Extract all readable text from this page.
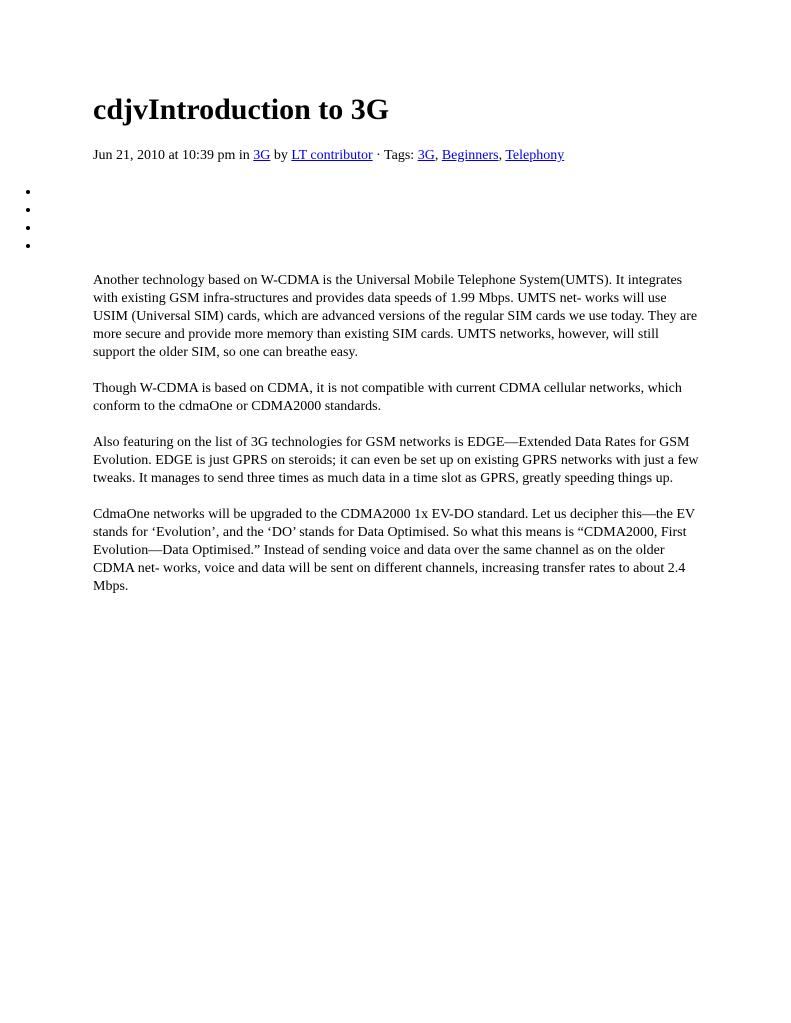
cdjvIntroduction to 3G
Jun 21, 2010 at 10:39 pm in 3G by LT contributor · Tags: 3G, Beginners, Telephony

Another technology based on W-CDMA is the Universal Mobile Telephone System(UMTS). It integrates with existing GSM infra-structures and provides data speeds of 1.99 Mbps. UMTS net- works will use USIM (Universal SIM) cards, which are advanced versions of the regular SIM cards we use today. They are more secure and provide more memory than existing SIM cards. UMTS networks, however, will still support the older SIM, so one can breathe easy.

Though W-CDMA is based on CDMA, it is not compatible with current CDMA cellular networks, which conform to the cdmaOne or CDMA2000 standards.

Also featuring on the list of 3G technologies for GSM networks is EDGE—Extended Data Rates for GSM Evolution. EDGE is just GPRS on steroids; it can even be set up on existing GPRS networks with just a few tweaks. It manages to send three times as much data in a time slot as GPRS, greatly speeding things up.

CdmaOne networks will be upgraded to the CDMA2000 1x EV-DO standard. Let us decipher this—the EV stands for ‘Evolution’, and the ‘DO’ stands for Data Optimised. So what this means is “CDMA2000, First Evolution—Data Optimised.” Instead of sending voice and data over the same channel as on the older CDMA net- works, voice and data will be sent on different channels, increasing transfer rates to about 2.4 Mbps.
